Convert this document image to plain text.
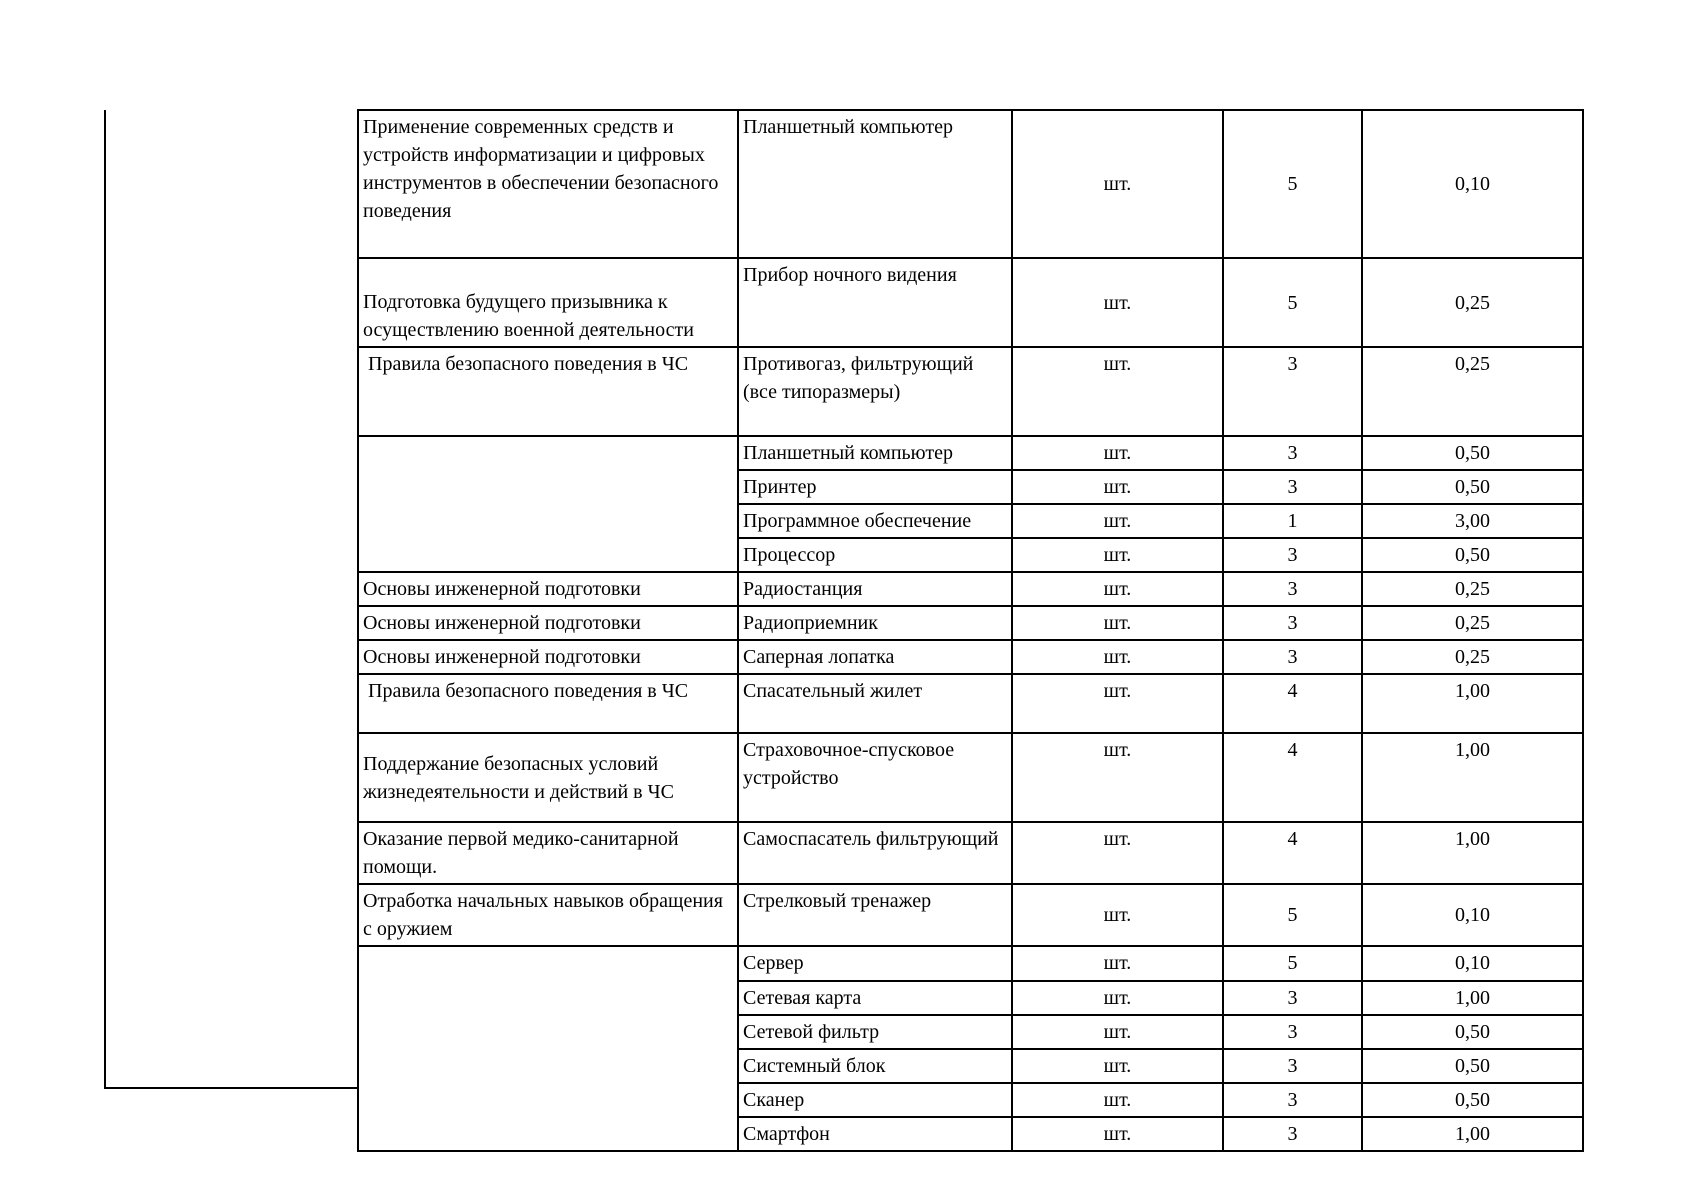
Применение современных средств и устройств информатизации и цифровых инструментов в обеспечении безопасного поведения	Планшетный компьютер	шт.	5	0,10
Подготовка будущего призывника к осуществлению военной деятельности	Прибор ночного видения	шт.	5	0,25
Правила безопасного поведения в ЧС	Противогаз, фильтрующий (все типоразмеры)	шт.	3	0,25
	Планшетный компьютер	шт.	3	0,50
	Принтер	шт.	3	0,50
	Программное обеспечение	шт.	1	3,00
	Процессор	шт.	3	0,50
Основы инженерной подготовки	Радиостанция	шт.	3	0,25
Основы инженерной подготовки	Радиоприемник	шт.	3	0,25
Основы инженерной подготовки	Саперная лопатка	шт.	3	0,25
Правила безопасного поведения в ЧС	Спасательный жилет	шт.	4	1,00
Поддержание безопасных условий жизнедеятельности и действий в ЧС	Страховочное-спусковое устройство	шт.	4	1,00
Оказание первой медико-санитарной помощи.	Самоспасатель фильтрующий	шт.	4	1,00
Отработка начальных навыков обращения с оружием	Стрелковый тренажер	шт.	5	0,10
	Сервер	шт.	5	0,10
	Сетевая карта	шт.	3	1,00
	Сетевой фильтр	шт.	3	0,50
	Системный блок	шт.	3	0,50
	Сканер	шт.	3	0,50
	Смартфон	шт.	3	1,00
